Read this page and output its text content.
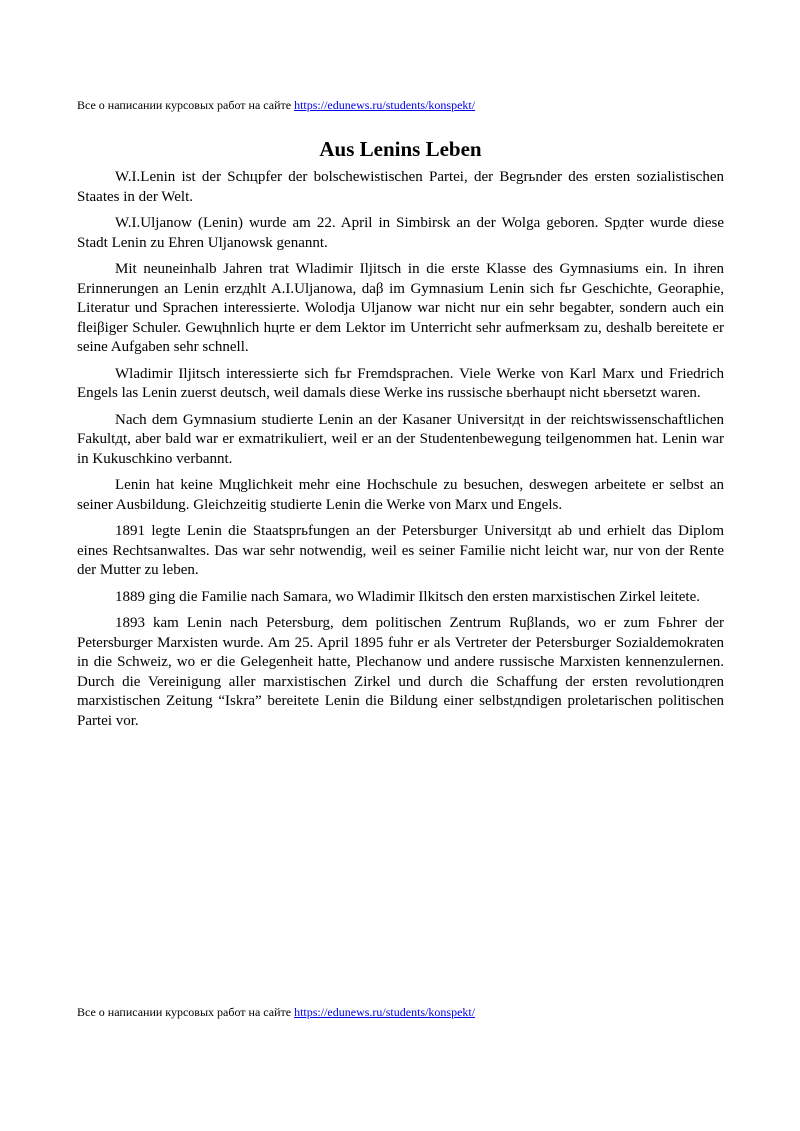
Все о написании курсовых работ на сайте https://edunews.ru/students/konspekt/
Aus Lenins Leben

W.I.Lenin ist der Schцpfer der bolschewistischen Partei, der Begrьnder des ersten sozialistischen Staates in der Welt.

W.I.Uljanow (Lenin) wurde am 22. April in Simbirsk an der Wolga geboren. Spдter wurde diese Stadt Lenin zu Ehren Uljanowsk genannt.

Mit neuneinhalb Jahren trat Wladimir Iljitsch in die erste Klasse des Gymnasiums ein. In ihren Erinnerungen an Lenin erzдhlt A.I.Uljanowa, daβ im Gymnasium Lenin sich fьr Geschichte, Georaphie, Literatur und Sprachen interessierte. Wolodja Uljanow war nicht nur ein sehr begabter, sondern auch ein fleiβiger Schuler. Gewцhnlich hцrte er dem Lektor im Unterricht sehr aufmerksam zu, deshalb bereitete er seine Aufgaben sehr schnell.

Wladimir Iljitsch interessierte sich fьr Fremdsprachen. Viele Werke von Karl Marx und Friedrich Engels las Lenin zuerst deutsch, weil damals diese Werke ins russische ьberhaupt nicht ьbersetzt waren.

Nach dem Gymnasium studierte Lenin an der Kasaner Universitдt in der reichtswissenschaftlichen Fakultдt, aber bald war er exmatrikuliert, weil er an der Studentenbewegung teilgenommen hat. Lenin war in Kukuschkino verbannt.

Lenin hat keine Mцglichkeit mehr eine Hochschule zu besuchen, deswegen arbeitete er selbst an seiner Ausbildung. Gleichzeitig studierte Lenin die Werke von Marx und Engels.

1891 legte Lenin die Staatsprьfungen an der Petersburger Universitдt ab und erhielt das Diplom eines Rechtsanwaltes. Das war sehr notwendig, weil es seiner Familie nicht leicht war, nur von der Rente der Mutter zu leben.

1889 ging die Familie nach Samara, wo Wladimir Ilkitsch den ersten marxistischen Zirkel leitete.

1893 kam Lenin nach Petersburg, dem politischen Zentrum Ruβlands, wo er zum Fьhrer der Petersburger Marxisten wurde. Am 25. April 1895 fuhr er als Vertreter der Petersburger Sozialdemokraten in die Schweiz, wo er die Gelegenheit hatte, Plechanow und andere russische Marxisten kennenzulernen. Durch die Vereinigung aller marxistischen Zirkel und durch die Schaffung der ersten revolutionдren marxistischen Zeitung “Iskra” bereitete Lenin die Bildung einer selbstдndigen proletarischen politischen Partei vor.

Все о написании курсовых работ на сайте https://edunews.ru/students/konspekt/
